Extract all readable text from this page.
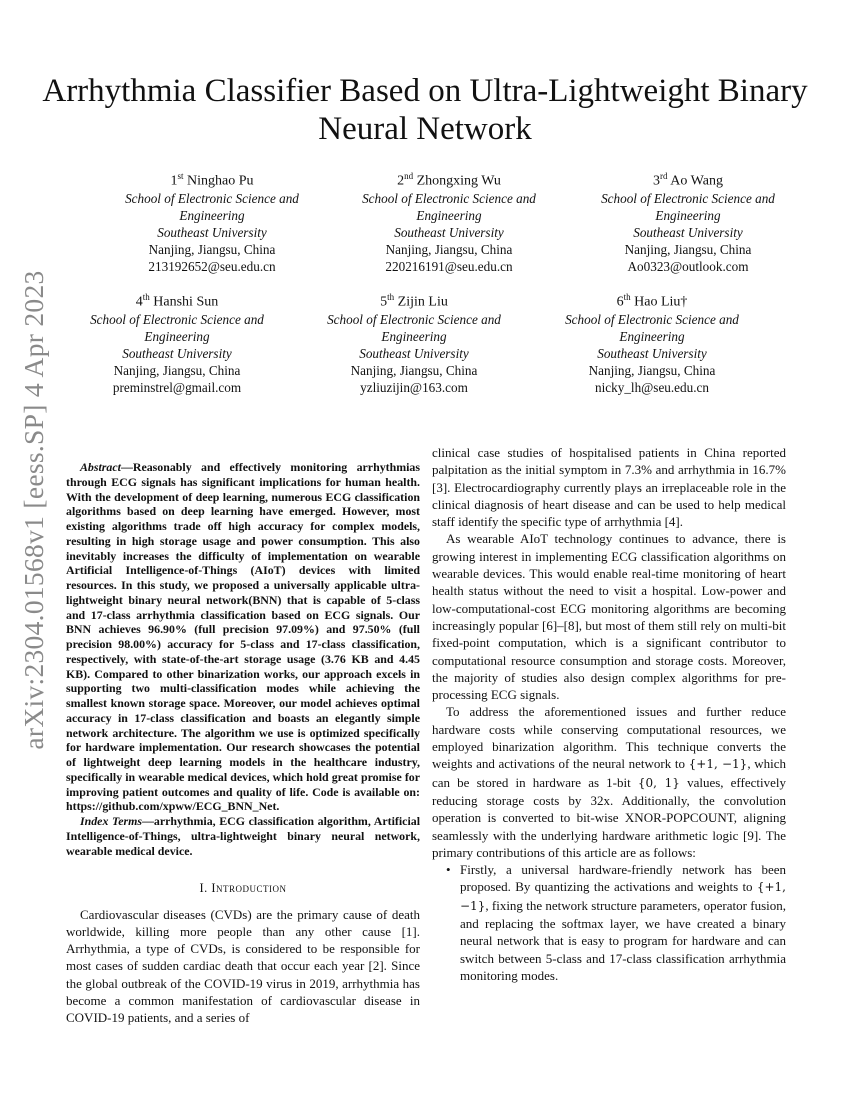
arXiv:2304.01568v1 [eess.SP] 4 Apr 2023
Arrhythmia Classifier Based on Ultra-Lightweight Binary Neural Network
1st Ninghao Pu
School of Electronic Science and
Engineering
Southeast University
Nanjing, Jiangsu, China
213192652@seu.edu.cn
2nd Zhongxing Wu
School of Electronic Science and
Engineering
Southeast University
Nanjing, Jiangsu, China
220216191@seu.edu.cn
3rd Ao Wang
School of Electronic Science and
Engineering
Southeast University
Nanjing, Jiangsu, China
Ao0323@outlook.com
4th Hanshi Sun
School of Electronic Science and
Engineering
Southeast University
Nanjing, Jiangsu, China
preminstrel@gmail.com
5th Zijin Liu
School of Electronic Science and
Engineering
Southeast University
Nanjing, Jiangsu, China
yzliuzijin@163.com
6th Hao Liu†
School of Electronic Science and
Engineering
Southeast University
Nanjing, Jiangsu, China
nicky_lh@seu.edu.cn

Abstract—Reasonably and effectively monitoring arrhythmias through ECG signals has significant implications for human health. With the development of deep learning, numerous ECG classification algorithms based on deep learning have emerged. However, most existing algorithms trade off high accuracy for complex models, resulting in high storage usage and power consumption. This also inevitably increases the difficulty of implementation on wearable Artificial Intelligence-of-Things (AIoT) devices with limited resources. In this study, we proposed a universally applicable ultra-lightweight binary neural network(BNN) that is capable of 5-class and 17-class arrhythmia classification based on ECG signals. Our BNN achieves 96.90% (full precision 97.09%) and 97.50% (full precision 98.00%) accuracy for 5-class and 17-class classification, respectively, with state-of-the-art storage usage (3.76 KB and 4.45 KB). Compared to other binarization works, our approach excels in supporting two multi-classification modes while achieving the smallest known storage space. Moreover, our model achieves optimal accuracy in 17-class classification and boasts an elegantly simple network architecture. The algorithm we use is optimized specifically for hardware implementation. Our research showcases the potential of lightweight deep learning models in the healthcare industry, specifically in wearable medical devices, which hold great promise for improving patient outcomes and quality of life. Code is available on: https://github.com/xpww/ECG_BNN_Net.

Index Terms—arrhythmia, ECG classification algorithm, Artificial Intelligence-of-Things, ultra-lightweight binary neural network, wearable medical device.

I. Introduction

Cardiovascular diseases (CVDs) are the primary cause of death worldwide, killing more people than any other cause [1]. Arrhythmia, a type of CVDs, is considered to be responsible for most cases of sudden cardiac death that occur each year [2]. Since the global outbreak of the COVID-19 virus in 2019, arrhythmia has become a common manifestation of cardiovascular disease in COVID-19 patients, and a series of

clinical case studies of hospitalised patients in China reported palpitation as the initial symptom in 7.3% and arrhythmia in 16.7% [3]. Electrocardiography currently plays an irreplaceable role in the clinical diagnosis of heart disease and can be used to help medical staff identify the specific type of arrhythmia [4].

As wearable AIoT technology continues to advance, there is growing interest in implementing ECG classification algorithms on wearable devices. This would enable real-time monitoring of heart health status without the need to visit a hospital. Low-power and low-computational-cost ECG monitoring algorithms are becoming increasingly popular [6]–[8], but most of them still rely on multi-bit fixed-point computation, which is a significant contributor to computational resource consumption and storage costs. Moreover, the majority of studies also design complex algorithms for pre-processing ECG signals.

To address the aforementioned issues and further reduce hardware costs while conserving computational resources, we employed binarization algorithm. This technique converts the weights and activations of the neural network to {+1, −1}, which can be stored in hardware as 1-bit {0, 1} values, effectively reducing storage costs by 32x. Additionally, the convolution operation is converted to bit-wise XNOR-POPCOUNT, aligning seamlessly with the underlying hardware arithmetic logic [9]. The primary contributions of this article are as follows:

• Firstly, a universal hardware-friendly network has been proposed. By quantizing the activations and weights to {+1, −1}, fixing the network structure parameters, operator fusion, and replacing the softmax layer, we have created a binary neural network that is easy to program for hardware and can switch between 5-class and 17-class classification arrhythmia monitoring modes.
